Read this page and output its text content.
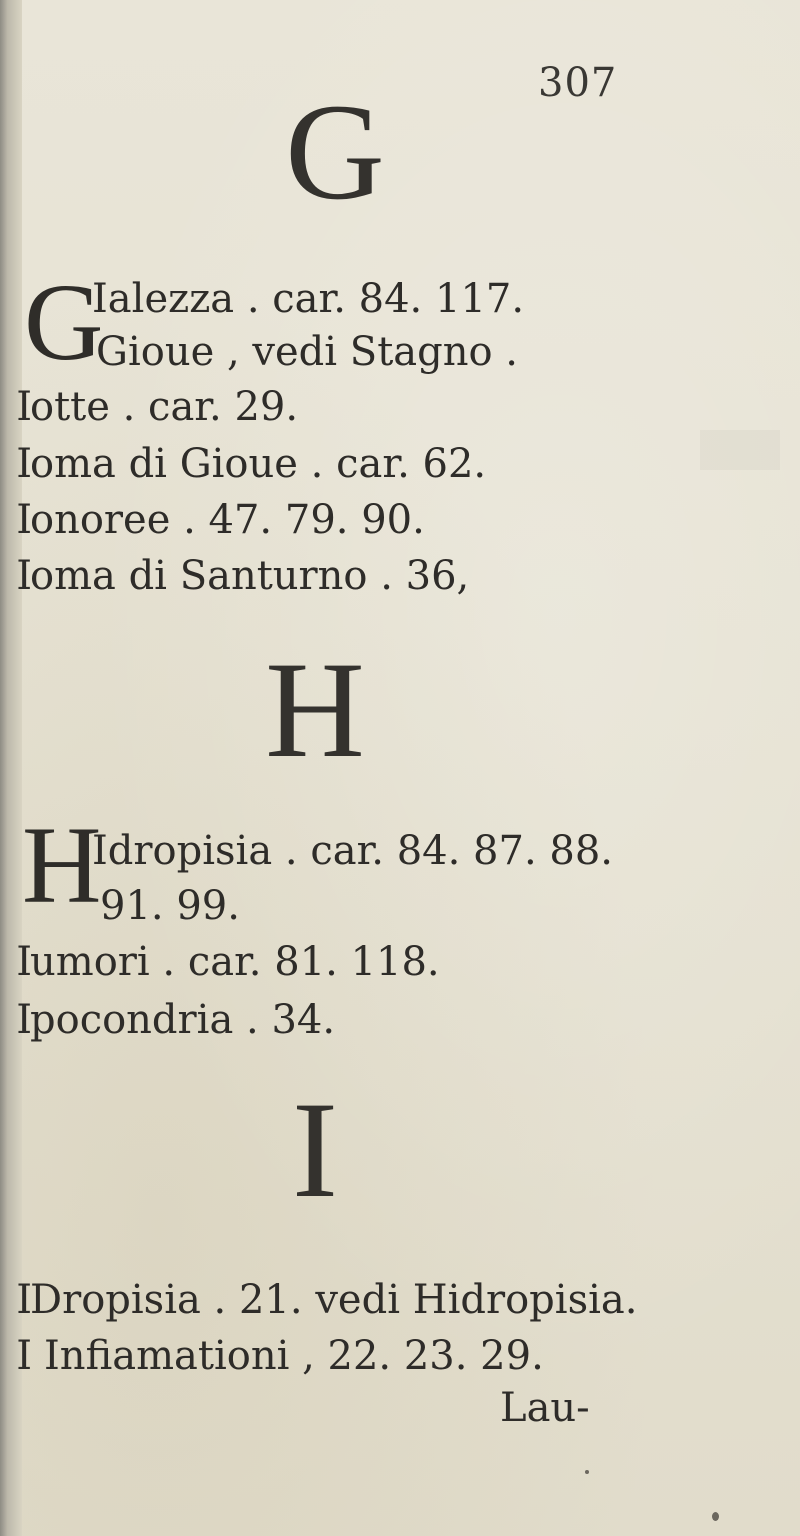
307
G
G
Ialezza . car. 84. 117.
Gioue , vedi Stagno .
I
otte . car. 29.
I
oma di Gioue . car. 62.
I
onoree . 47. 79. 90.
I
oma di Santurno . 36,
H
H
Idropisia . car. 84. 87. 88.
91. 99.
I
umori . car. 81. 118.
I
pocondria . 34.
I
I
Dropisia . 21. vedi Hidropisia.
I Infiamationi , 22. 23. 29.
Lau-
